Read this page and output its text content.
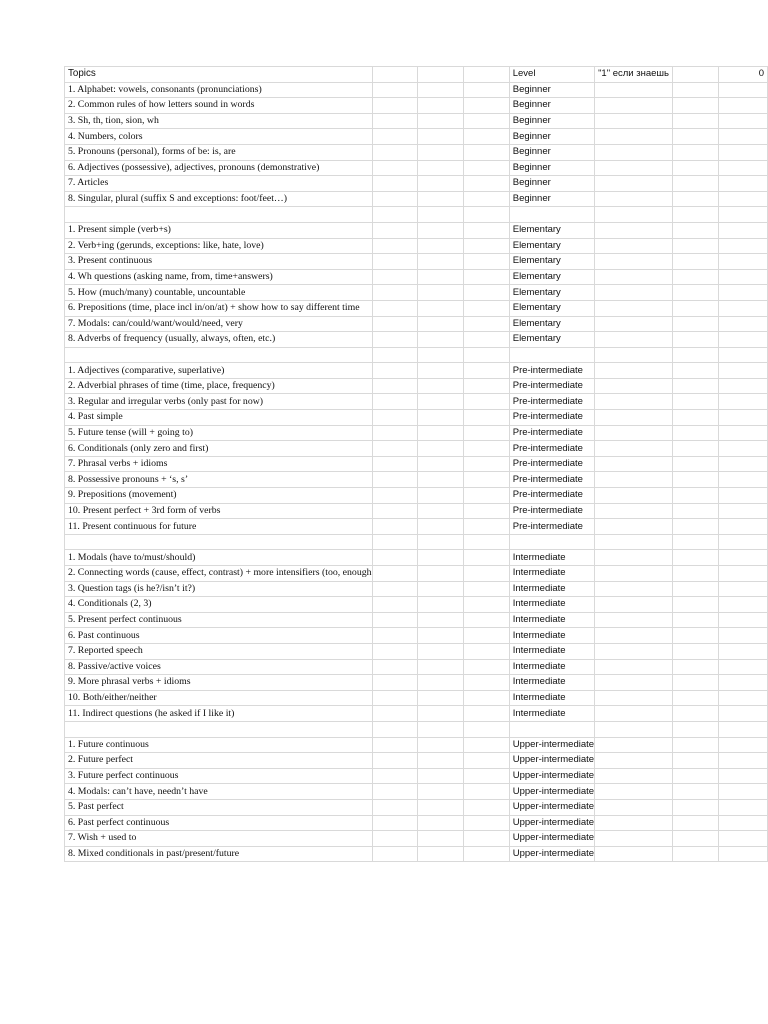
Topics				Level	"1" если знаешь		0
1. Alphabet: vowels, consonants (pronunciations)				Beginner			
2. Common rules of how letters sound in words				Beginner			
3. Sh, th, tion, sion, wh				Beginner			
4. Numbers, colors				Beginner			
5. Pronouns (personal), forms of be: is, are				Beginner			
6. Adjectives (possessive), adjectives, pronouns (demonstrative)				Beginner			
7. Articles				Beginner			
8. Singular, plural (suffix S and exceptions: foot/feet…)				Beginner			

1. Present simple (verb+s)				Elementary			
2. Verb+ing (gerunds, exceptions: like, hate, love)				Elementary			
3. Present continuous				Elementary			
4. Wh questions (asking name, from, time+answers)				Elementary			
5. How (much/many) countable, uncountable				Elementary			
6. Prepositions (time, place incl in/on/at) + show how to say different time				Elementary			
7. Modals: can/could/want/would/need, very				Elementary			
8. Adverbs of frequency (usually, always, often, etc.)				Elementary			

1. Adjectives (comparative, superlative)				Pre-intermediate			
2. Adverbial phrases of time (time, place, frequency)				Pre-intermediate			
3. Regular and irregular verbs (only past for now)				Pre-intermediate			
4. Past simple				Pre-intermediate			
5. Future tense (will + going to)				Pre-intermediate			
6. Conditionals (only zero and first)				Pre-intermediate			
7. Phrasal verbs + idioms				Pre-intermediate			
8. Possessive pronouns + ‘s, s’				Pre-intermediate			
9. Prepositions (movement)				Pre-intermediate			
10. Present perfect + 3rd form of verbs				Pre-intermediate			
11. Present continuous for future				Pre-intermediate			

1. Modals (have to/must/should)				Intermediate			
2. Connecting words (cause, effect, contrast) + more intensifiers (too, enough				Intermediate			
3. Question tags (is he?/isn’t it?)				Intermediate			
4. Conditionals (2, 3)				Intermediate			
5. Present perfect continuous				Intermediate			
6. Past continuous				Intermediate			
7. Reported speech				Intermediate			
8. Passive/active voices				Intermediate			
9. More phrasal verbs + idioms				Intermediate			
10. Both/either/neither				Intermediate			
11. Indirect questions (he asked if I like it)				Intermediate			

1. Future continuous				Upper-intermediate			
2. Future perfect				Upper-intermediate			
3. Future perfect continuous				Upper-intermediate			
4. Modals: can’t have, needn’t have				Upper-intermediate			
5. Past perfect				Upper-intermediate			
6. Past perfect continuous				Upper-intermediate			
7. Wish + used to				Upper-intermediate			
8. Mixed conditionals in past/present/future				Upper-intermediate			
